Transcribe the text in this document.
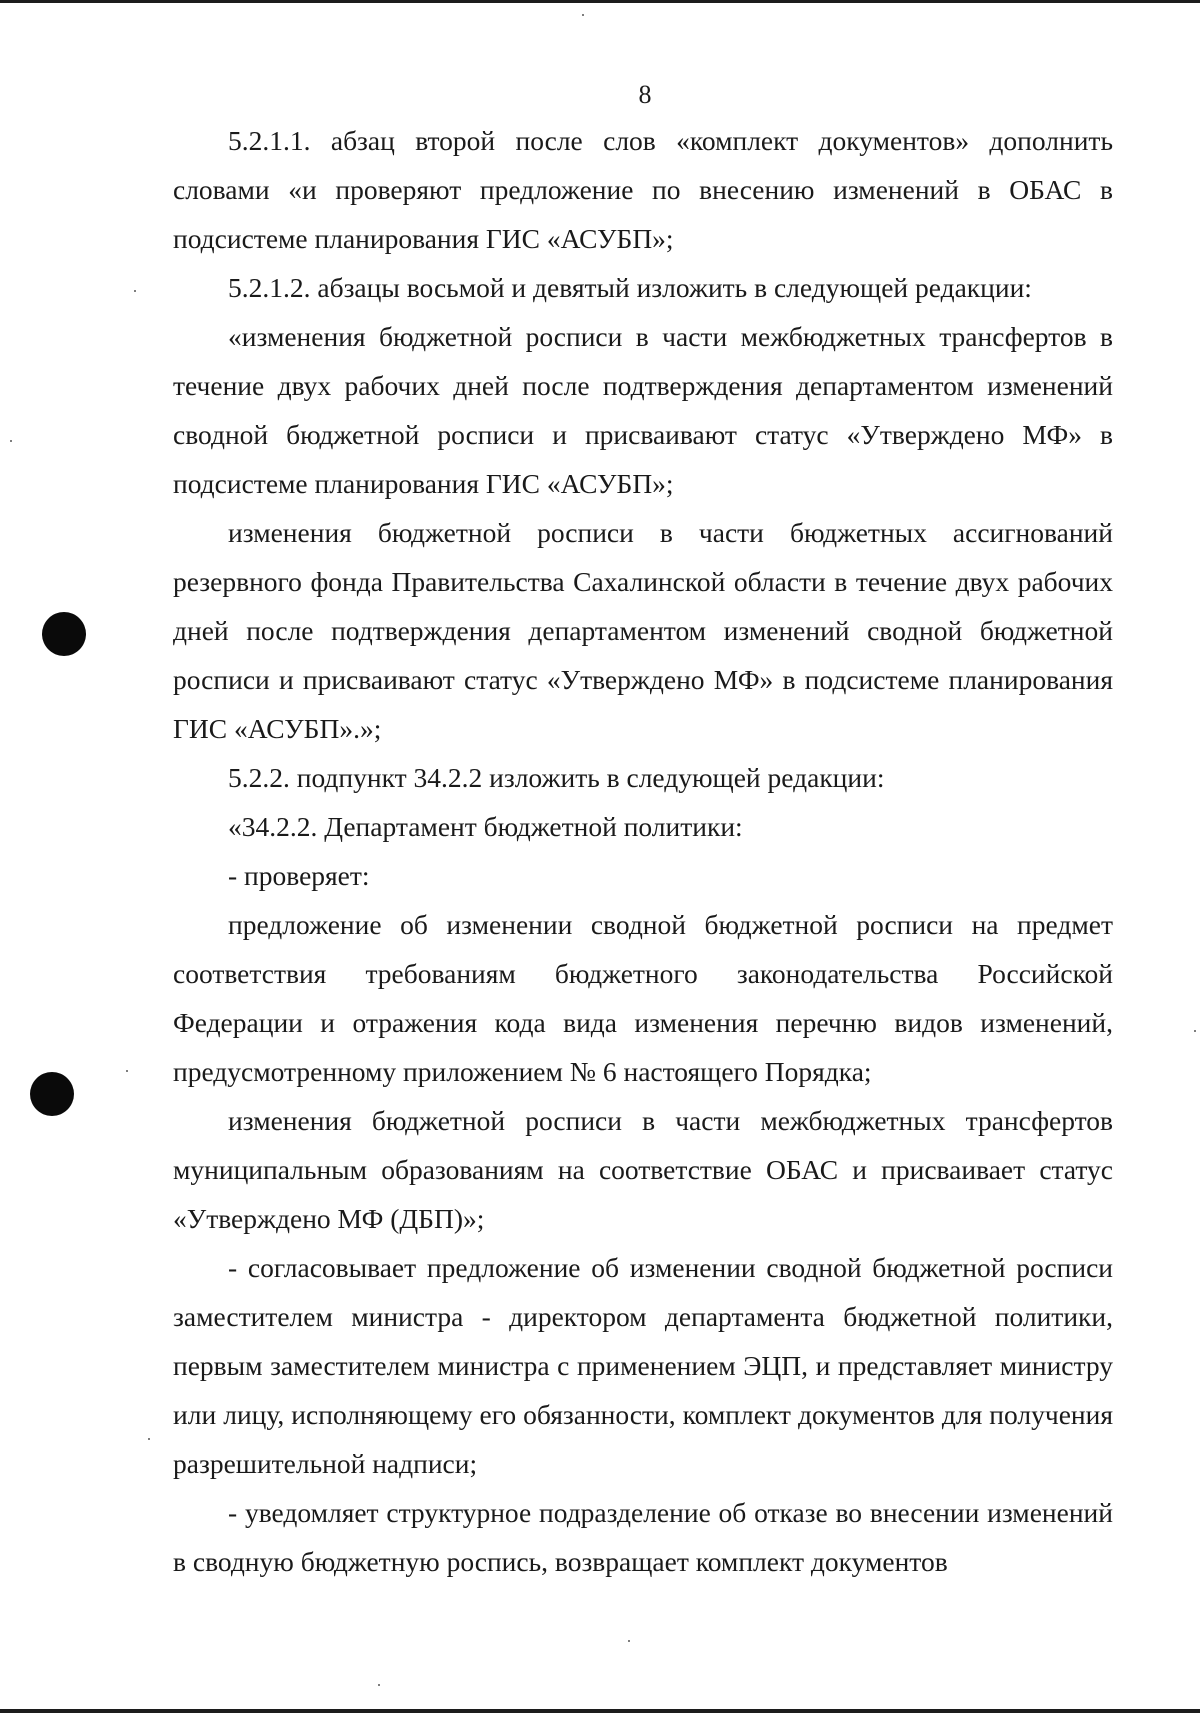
8

5.2.1.1. абзац второй после слов «комплект документов» дополнить словами «и проверяют предложение по внесению изменений в ОБАС в подсистеме планирования ГИС «АСУБП»;

5.2.1.2. абзацы восьмой и девятый изложить в следующей редакции:

«изменения бюджетной росписи в части межбюджетных трансфертов в течение двух рабочих дней после подтверждения департаментом изменений сводной бюджетной росписи и присваивают статус «Утверждено МФ» в подсистеме планирования ГИС «АСУБП»;

изменения бюджетной росписи в части бюджетных ассигнований резервного фонда Правительства Сахалинской области в течение двух рабочих дней после подтверждения департаментом изменений сводной бюджетной росписи и присваивают статус «Утверждено МФ» в подсистеме планирования ГИС «АСУБП».»;

5.2.2. подпункт 34.2.2 изложить в следующей редакции:

«34.2.2. Департамент бюджетной политики:

- проверяет:

предложение об изменении сводной бюджетной росписи на предмет соответствия требованиям бюджетного законодательства Российской Федерации и отражения кода вида изменения перечню видов изменений, предусмотренному приложением № 6 настоящего Порядка;

изменения бюджетной росписи в части межбюджетных трансфертов муниципальным образованиям на соответствие ОБАС и присваивает статус «Утверждено МФ (ДБП)»;

- согласовывает предложение об изменении сводной бюджетной росписи заместителем министра - директором департамента бюджетной политики, первым заместителем министра с применением ЭЦП, и представляет министру или лицу, исполняющему его обязанности, комплект документов для получения разрешительной надписи;

- уведомляет структурное подразделение об отказе во внесении изменений в сводную бюджетную роспись, возвращает комплект документов
